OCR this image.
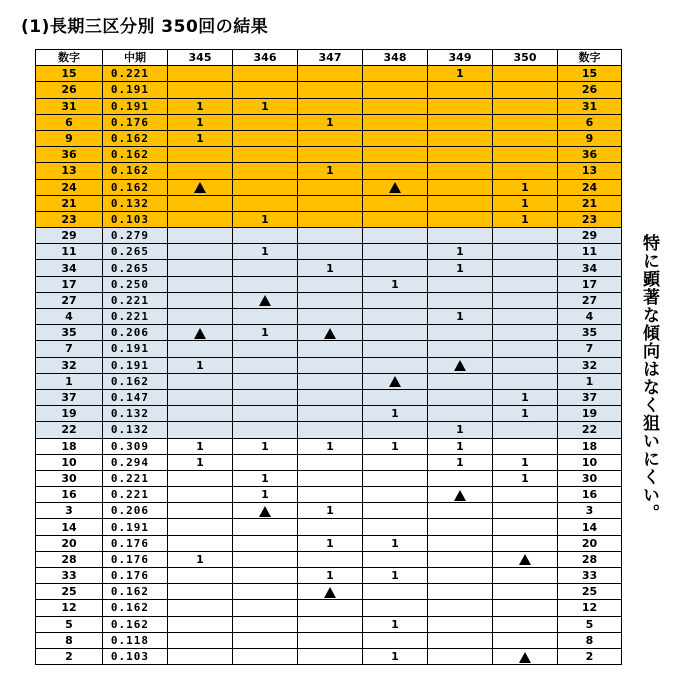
(1)長期三区分別 350回の結果
数字	中期	345	346	347	348	349	350	数字
15	0.221					1		15
26	0.191							26
31	0.191	1	1					31
6	0.176	1		1				6
9	0.162	1						9
36	0.162							36
13	0.162			1				13
24	0.162						1	24
21	0.132						1	21
23	0.103		1				1	23
29	0.279							29
11	0.265		1			1		11
34	0.265			1		1		34
17	0.250				1			17
27	0.221							27
4	0.221					1		4
35	0.206		1					35
7	0.191							7
32	0.191	1						32
1	0.162							1
37	0.147						1	37
19	0.132				1		1	19
22	0.132					1		22
18	0.309	1	1	1	1	1		18
10	0.294	1				1	1	10
30	0.221		1				1	30
16	0.221		1					16
3	0.206			1				3
14	0.191							14
20	0.176			1	1			20
28	0.176	1						28
33	0.176			1	1			33
25	0.162							25
12	0.162							12
5	0.162				1			5
8	0.118							8
2	0.103				1			2
特に顕著な傾向はなく狙いにくい。
